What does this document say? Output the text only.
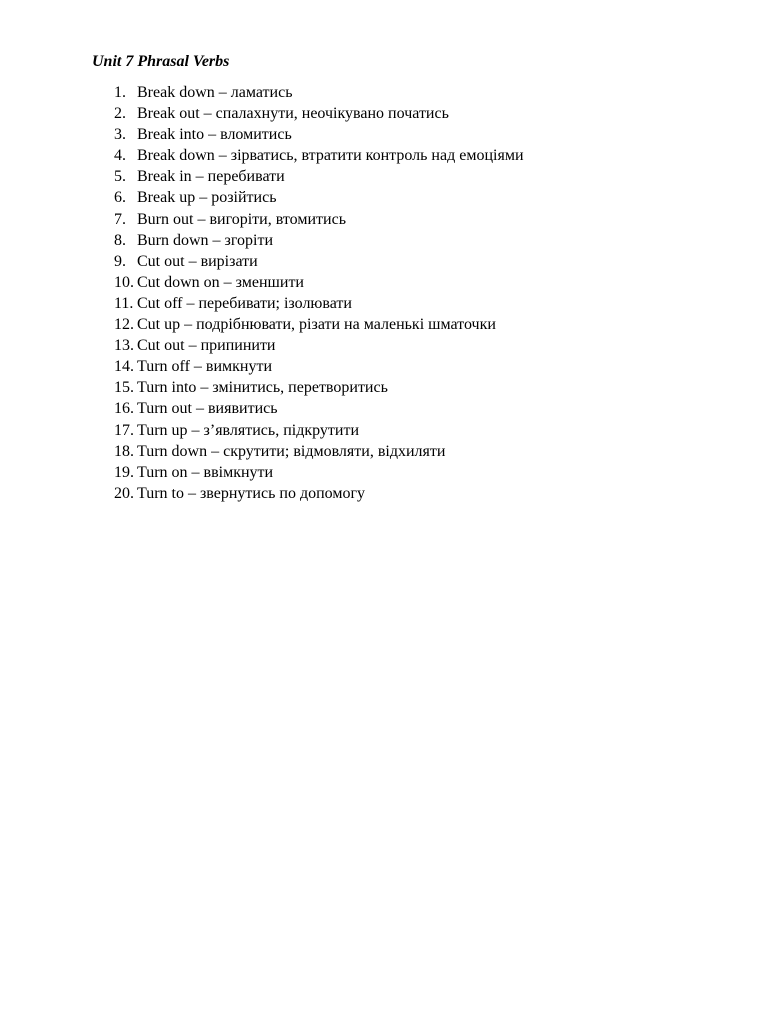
Unit 7 Phrasal Verbs
1. Break down – ламатись
2. Break out – спалахнути, неочікувано початись
3. Break into – вломитись
4. Break down – зірватись, втратити контроль над емоціями
5. Break in – перебивати
6. Break up – розійтись
7. Burn out – вигоріти, втомитись
8. Burn down – згоріти
9. Cut out – вирізати
10. Cut down on – зменшити
11. Cut off – перебивати; ізолювати
12. Cut up – подрібнювати, різати на маленькі шматочки
13. Cut out – припинити
14. Turn off – вимкнути
15. Turn into – змінитись, перетворитись
16. Turn out – виявитись
17. Turn up – з’являтись, підкрутити
18. Turn down – скрутити; відмовляти, відхиляти
19. Turn on – ввімкнути
20. Turn to – звернутись по допомогу
